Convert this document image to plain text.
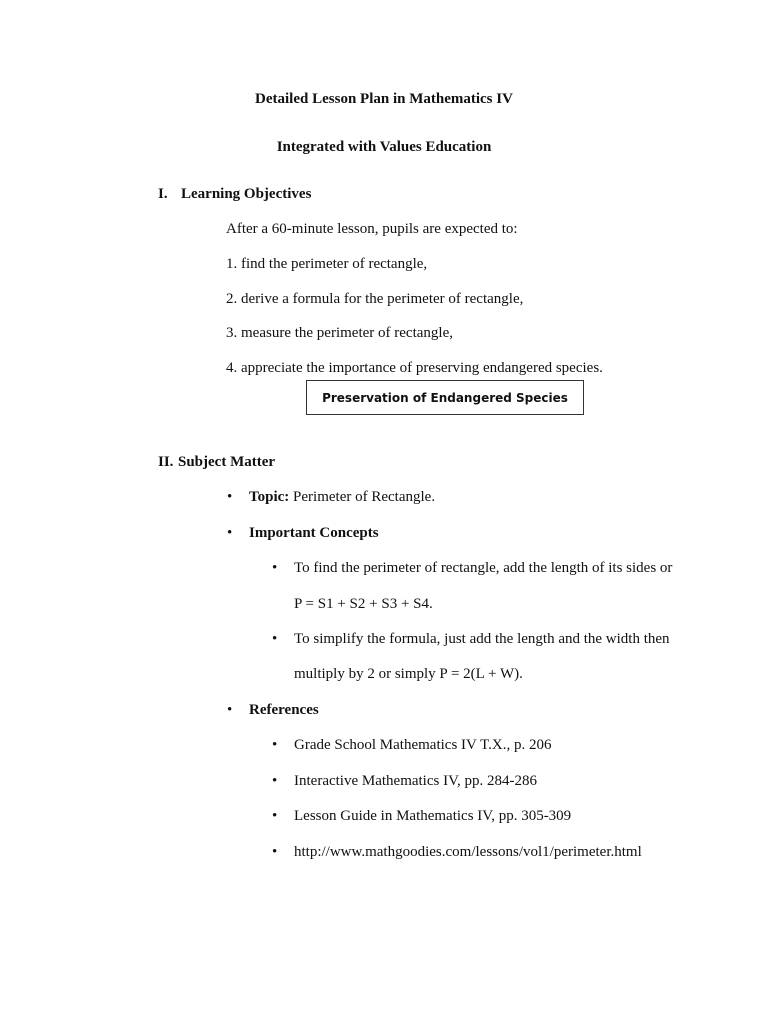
Detailed Lesson Plan in Mathematics IV
Integrated with Values Education
I. Learning Objectives
After a 60-minute lesson, pupils are expected to:
1. find the perimeter of rectangle,
2. derive a formula for the perimeter of rectangle,
3. measure the perimeter of rectangle,
4. appreciate the importance of preserving endangered species.
Preservation of Endangered Species
II. Subject Matter
• Topic: Perimeter of Rectangle.
• Important Concepts
• To find the perimeter of rectangle, add the length of its sides or
P = S1 + S2 + S3 + S4.
• To simplify the formula, just add the length and the width then
multiply by 2 or simply P = 2(L + W).
• References
• Grade School Mathematics IV T.X., p. 206
• Interactive Mathematics IV, pp. 284-286
• Lesson Guide in Mathematics IV, pp. 305-309
• http://www.mathgoodies.com/lessons/vol1/perimeter.html
